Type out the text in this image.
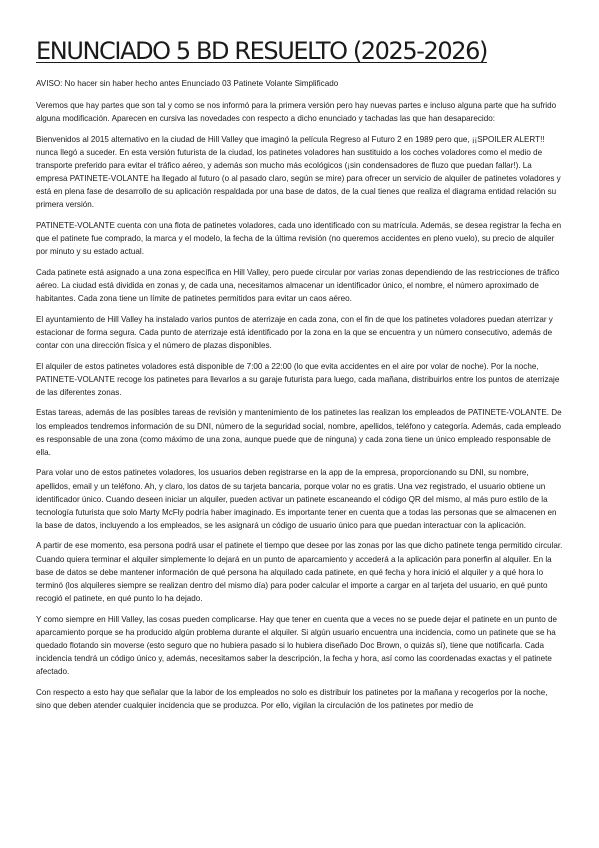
ENUNCIADO 5 BD RESUELTO (2025-2026)
AVISO: No hacer sin haber hecho antes Enunciado 03 Patinete Volante Simplificado

Veremos que hay partes que son tal y como se nos informó para la primera versión pero hay nuevas partes e incluso alguna parte que ha sufrido alguna modificación. Aparecen en cursiva las novedades con respecto a dicho enunciado y tachadas las que han desaparecido:

Bienvenidos al 2015 alternativo en la ciudad de Hill Valley que imaginó la película Regreso al Futuro 2 en 1989 pero que, ¡¡SPOILER ALERT!! nunca llegó a suceder. En esta versión futurista de la ciudad, los patinetes voladores han sustituido a los coches voladores como el medio de transporte preferido para evitar el tráfico aéreo, y además son mucho más ecológicos (¡sin condensadores de fluzo que puedan fallar!). La empresa PATINETE-VOLANTE ha llegado al futuro (o al pasado claro, según se mire) para ofrecer un servicio de alquiler de patinetes voladores y está en plena fase de desarrollo de su aplicación respaldada por una base de datos, de la cual tienes que realiza el diagrama entidad relación su primera versión.

PATINETE-VOLANTE cuenta con una flota de patinetes voladores, cada uno identificado con su matrícula. Además, se desea registrar la fecha en que el patinete fue comprado, la marca y el modelo, la fecha de la última revisión (no queremos accidentes en pleno vuelo), su precio de alquiler por minuto y su estado actual.

Cada patinete está asignado a una zona específica en Hill Valley, pero puede circular por varias zonas dependiendo de las restricciones de tráfico aéreo. La ciudad está dividida en zonas y, de cada una, necesitamos almacenar un identificador único, el nombre, el número aproximado de habitantes. Cada zona tiene un límite de patinetes permitidos para evitar un caos aéreo.

El ayuntamiento de Hill Valley ha instalado varios puntos de aterrizaje en cada zona, con el fin de que los patinetes voladores puedan aterrizar y estacionar de forma segura. Cada punto de aterrizaje está identificado por la zona en la que se encuentra y un número consecutivo, además de contar con una dirección física y el número de plazas disponibles.

El alquiler de estos patinetes voladores está disponible de 7:00 a 22:00 (lo que evita accidentes en el aire por volar de noche). Por la noche, PATINETE-VOLANTE recoge los patinetes para llevarlos a su garaje futurista para luego, cada mañana, distribuirlos entre los puntos de aterrizaje de las diferentes zonas.

Estas tareas, además de las posibles tareas de revisión y mantenimiento de los patinetes las realizan los empleados de PATINETE-VOLANTE. De los empleados tendremos información de su DNI, número de la seguridad social, nombre, apellidos, teléfono y categoría. Además, cada empleado es responsable de una zona (como máximo de una zona, aunque puede que de ninguna) y cada zona tiene un único empleado responsable de ella.

Para volar uno de estos patinetes voladores, los usuarios deben registrarse en la app de la empresa, proporcionando su DNI, su nombre, apellidos, email y un teléfono. Ah, y claro, los datos de su tarjeta bancaria, porque volar no es gratis. Una vez registrado, el usuario obtiene un identificador único. Cuando deseen iniciar un alquiler, pueden activar un patinete escaneando el código QR del mismo, al más puro estilo de la tecnología futurista que solo Marty McFly podría haber imaginado. Es importante tener en cuenta que a todas las personas que se almacenen en la base de datos, incluyendo a los empleados, se les asignará un código de usuario único para que puedan interactuar con la aplicación.

A partir de ese momento, esa persona podrá usar el patinete el tiempo que desee por las zonas por las que dicho patinete tenga permitido circular. Cuando quiera terminar el alquiler simplemente lo dejará en un punto de aparcamiento y accederá a la aplicación para ponerfin al alquiler. En la base de datos se debe mantener información de qué persona ha alquilado cada patinete, en qué fecha y hora inició el alquiler y a qué hora lo terminó (los alquileres siempre se realizan dentro del mismo día) para poder calcular el importe a cargar en al tarjeta del usuario, en qué punto recogió el patinete, en qué punto lo ha dejado.

Y como siempre en Hill Valley, las cosas pueden complicarse. Hay que tener en cuenta que a veces no se puede dejar el patinete en un punto de aparcamiento porque se ha producido algún problema durante el alquiler. Si algún usuario encuentra una incidencia, como un patinete que se ha quedado flotando sin moverse (esto seguro que no hubiera pasado si lo hubiera diseñado Doc Brown, o quizás sí), tiene que notificarla. Cada incidencia tendrá un código único y, además, necesitamos saber la descripción, la fecha y hora, así como las coordenadas exactas y el patinete afectado.

Con respecto a esto hay que señalar que la labor de los empleados no solo es distribuir los patinetes por la mañana y recogerlos por la noche, sino que deben atender cualquier incidencia que se produzca. Por ello, vigilan la circulación de los patinetes por medio de
